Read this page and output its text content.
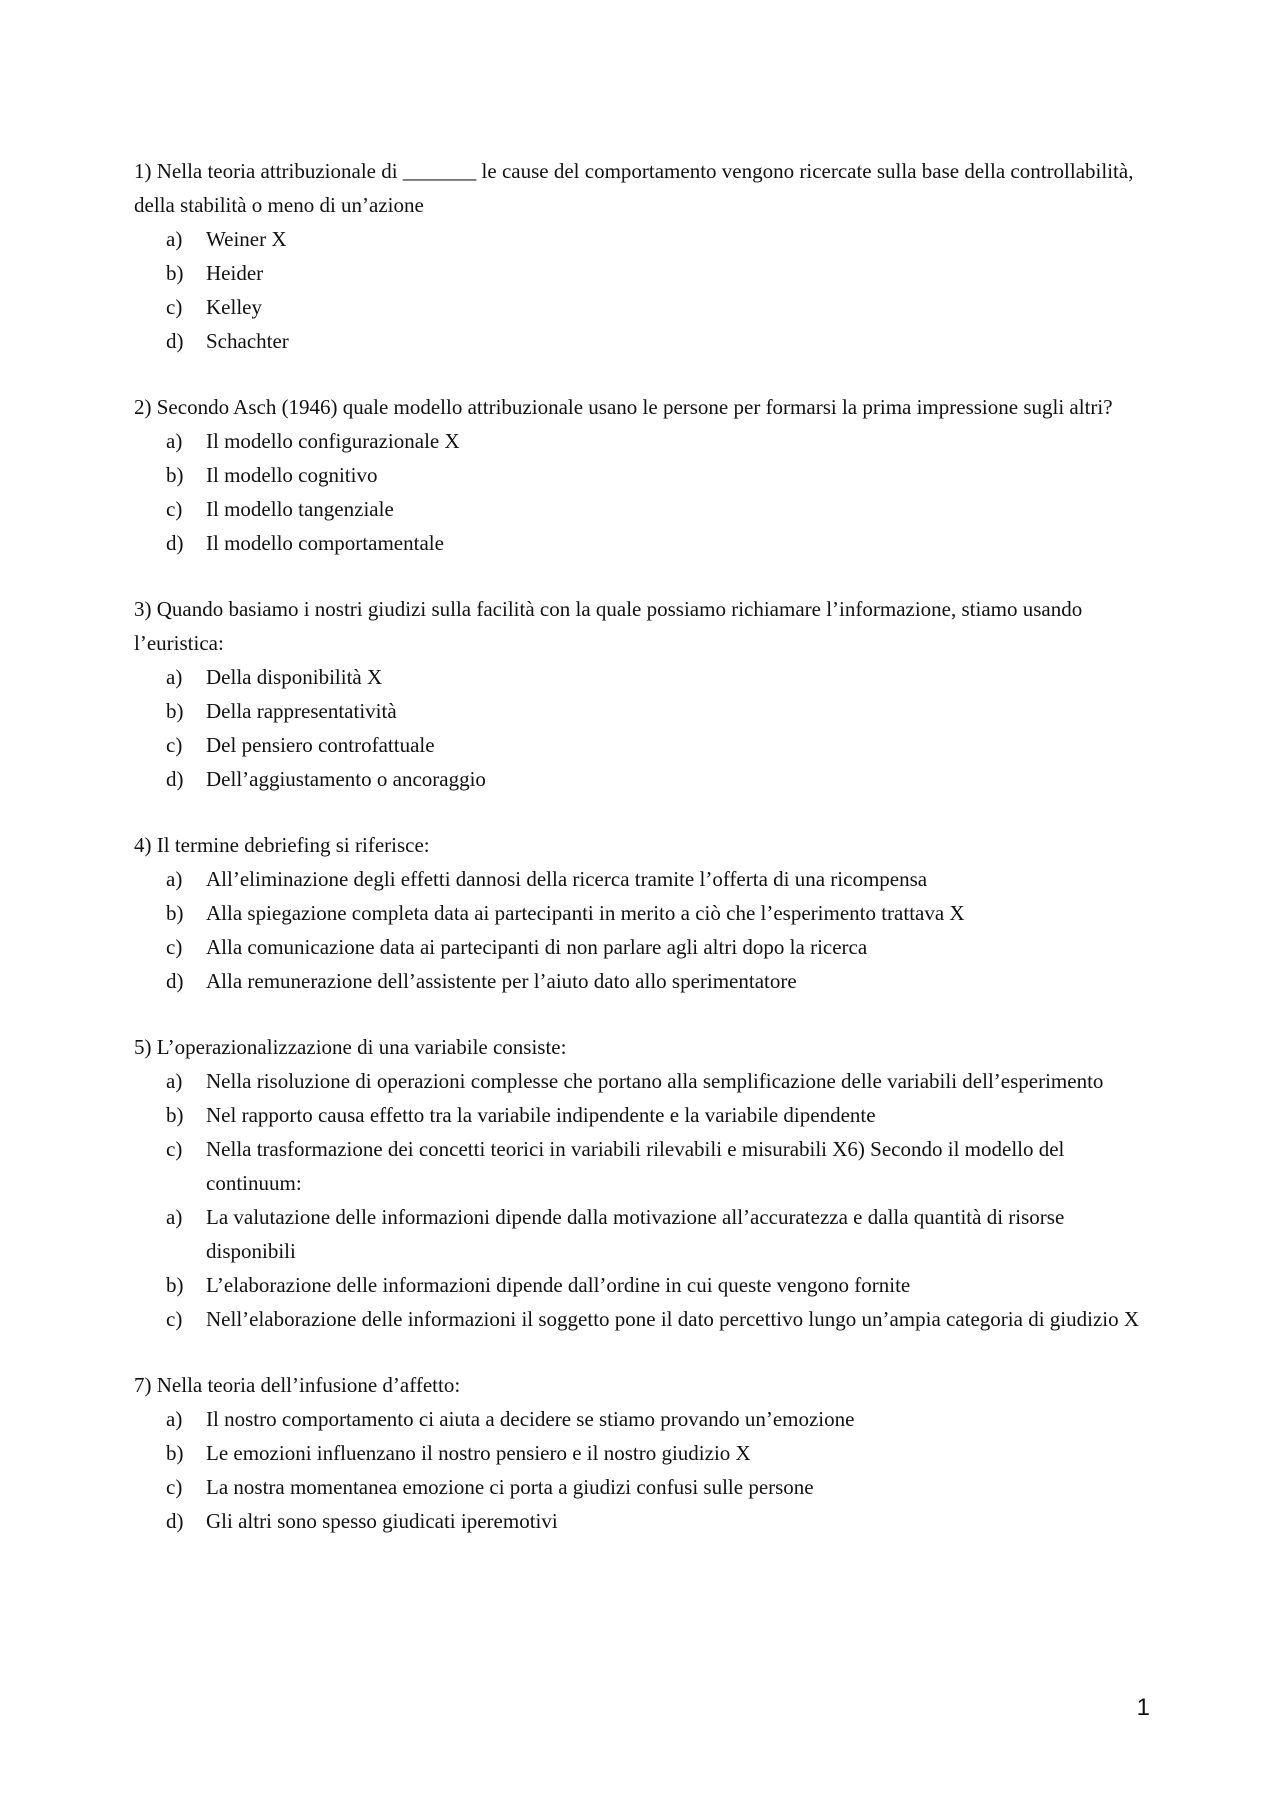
1) Nella teoria attribuzionale di _______ le cause del comportamento vengono ricercate sulla base della controllabilità, della stabilità o meno di un’azione

a)	Weiner X
b)	Heider
c)	Kelley
d)	Schachter

2) Secondo Asch (1946) quale modello attribuzionale usano le persone per formarsi la prima impressione sugli altri?

a)	Il modello configurazionale X
b)	Il modello cognitivo
c)	Il modello tangenziale
d)	Il modello comportamentale

3) Quando basiamo i nostri giudizi sulla facilità con la quale possiamo richiamare l’informazione, stiamo usando l’euristica:

a)	Della disponibilità X
b)	Della rappresentatività
c)	Del pensiero controfattuale
d)	Dell’aggiustamento o ancoraggio

4) Il termine debriefing si riferisce:

a)	All’eliminazione degli effetti dannosi della ricerca tramite l’offerta di una ricompensa
b)	Alla spiegazione completa data ai partecipanti in merito a ciò che l’esperimento trattava X
c)	Alla comunicazione data ai partecipanti di non parlare agli altri dopo la ricerca
d)	Alla remunerazione dell’assistente per l’aiuto dato allo sperimentatore

5) L’operazionalizzazione di una variabile consiste:

a)	Nella risoluzione di operazioni complesse che portano alla semplificazione delle variabili dell’esperimento
b)	Nel rapporto causa effetto tra la variabile indipendente e la variabile dipendente
c)	Nella trasformazione dei concetti teorici in variabili rilevabili e misurabili X6) Secondo il modello del continuum:
a)	La valutazione delle informazioni dipende dalla motivazione all’accuratezza e dalla quantità di risorse disponibili
b)	L’elaborazione delle informazioni dipende dall’ordine in cui queste vengono fornite
c)	Nell’elaborazione delle informazioni il soggetto pone il dato percettivo lungo un’ampia categoria di giudizio X

7) Nella teoria dell’infusione d’affetto:

a)	Il nostro comportamento ci aiuta a decidere se stiamo provando un’emozione
b)	Le emozioni influenzano il nostro pensiero e il nostro giudizio X
c)	La nostra momentanea emozione ci porta a giudizi confusi sulle persone
d)	Gli altri sono spesso giudicati iperemotivi
1
